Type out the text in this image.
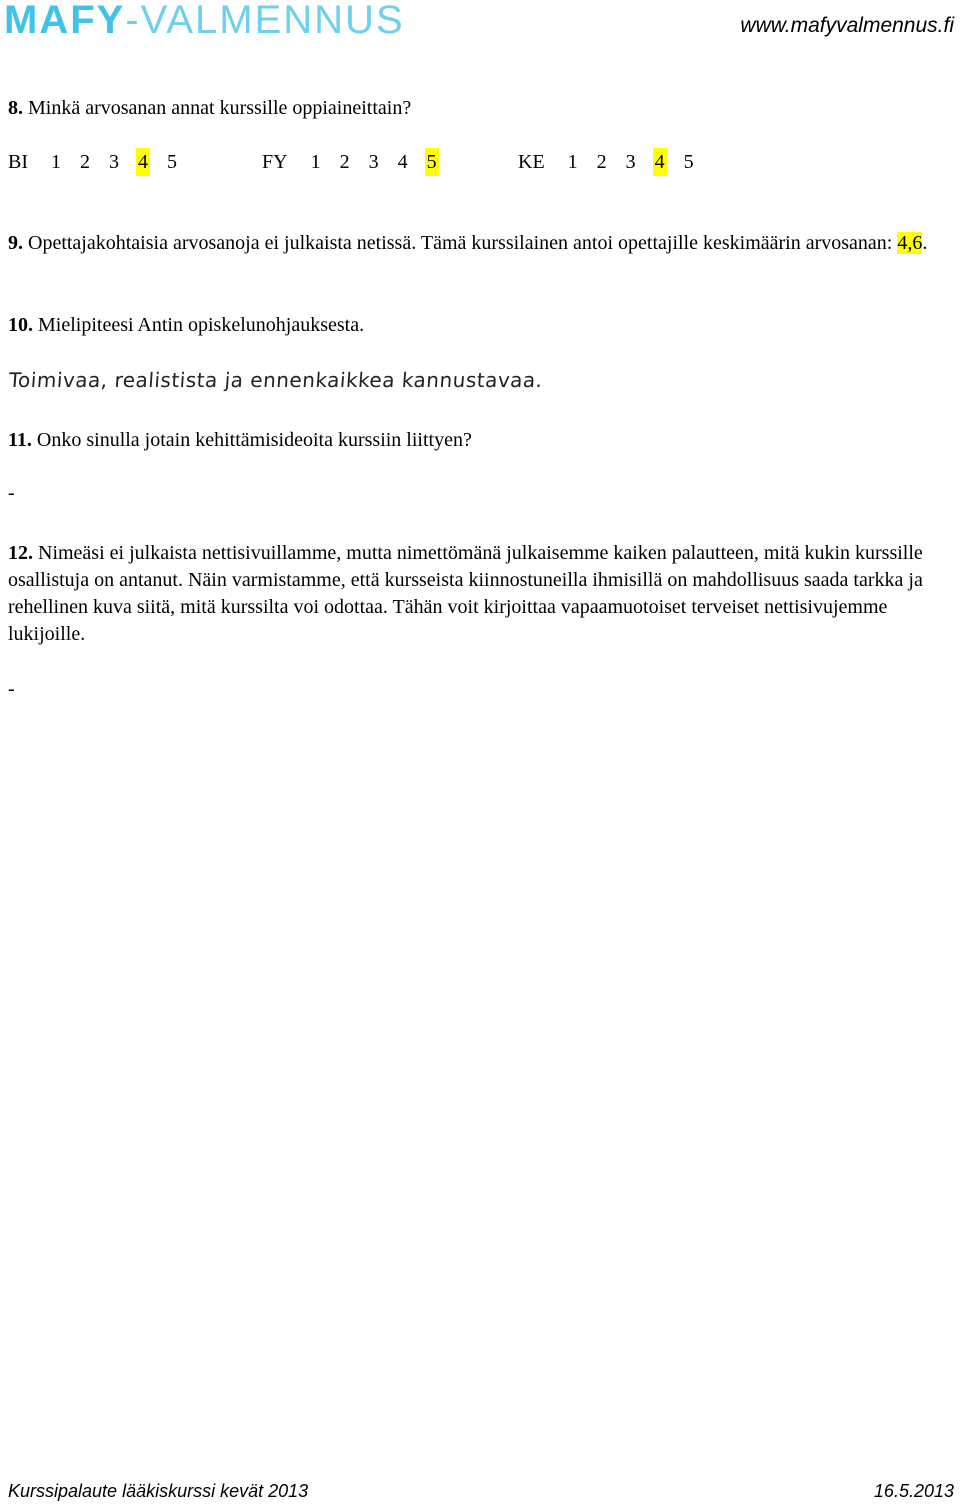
MAFY-VALMENNUS	www.mafyvalmennus.fi
8. Minkä arvosanan annat kurssille oppiaineittain?
BI 1 2 3 4 5	FY 1 2 3 4 5	KE 1 2 3 4 5
9. Opettajakohtaisia arvosanoja ei julkaista netissä. Tämä kurssilainen antoi opettajille keskimäärin arvosanan: 4,6.
10. Mielipiteesi Antin opiskelunohjauksesta.
Toimivaa, realistista ja ennenkaikkea kannustavaa.
11. Onko sinulla jotain kehittämisideoita kurssiin liittyen?
-
12. Nimeäsi ei julkaista nettisivuillamme, mutta nimettömänä julkaisemme kaiken palautteen, mitä kukin kurssille osallistuja on antanut. Näin varmistamme, että kursseista kiinnostuneilla ihmisillä on mahdollisuus saada tarkka ja rehellinen kuva siitä, mitä kurssilta voi odottaa. Tähän voit kirjoittaa vapaamuotoiset terveiset nettisivujemme lukijoille.
-
Kurssipalaute lääkiskurssi kevät 2013	16.5.2013
